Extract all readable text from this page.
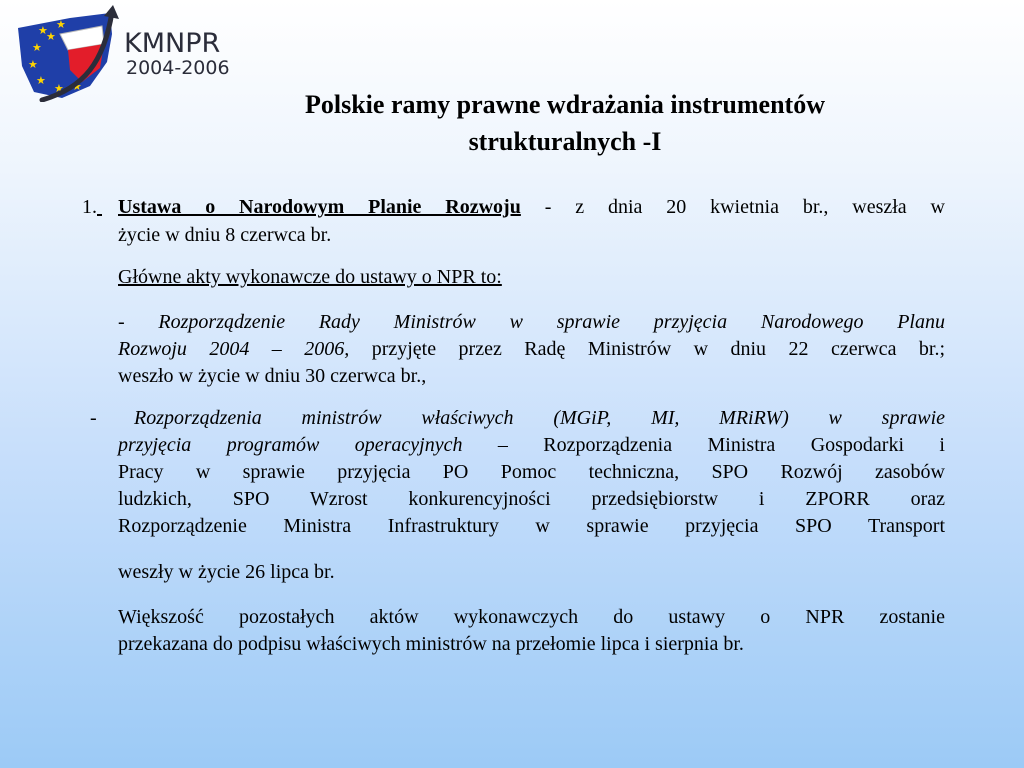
★ ★
★
★
★
★ ★
★	KMNPR
2004-2006
Polskie ramy prawne wdrażania instrumentów
strukturalnych -I
1. Ustawa o Narodowym Planie Rozwoju - z dnia 20 kwietnia br., weszła w
życie w dniu 8 czerwca br.
Główne akty wykonawcze do ustawy o NPR to:
- Rozporządzenie Rady Ministrów w sprawie przyjęcia Narodowego Planu
Rozwoju 2004 – 2006, przyjęte przez Radę Ministrów w dniu 22 czerwca br.;
weszło w życie w dniu 30 czerwca br.,
- Rozporządzenia ministrów właściwych (MGiP, MI, MRiRW) w sprawie
przyjęcia programów operacyjnych – Rozporządzenia Ministra Gospodarki i
Pracy w sprawie przyjęcia PO Pomoc techniczna, SPO Rozwój zasobów
ludzkich, SPO Wzrost konkurencyjności przedsiębiorstw i ZPORR oraz
Rozporządzenie Ministra Infrastruktury w sprawie przyjęcia SPO Transport
weszły w życie 26 lipca br.
Większość pozostałych aktów wykonawczych do ustawy o NPR zostanie
przekazana do podpisu właściwych ministrów na przełomie lipca i sierpnia br.
